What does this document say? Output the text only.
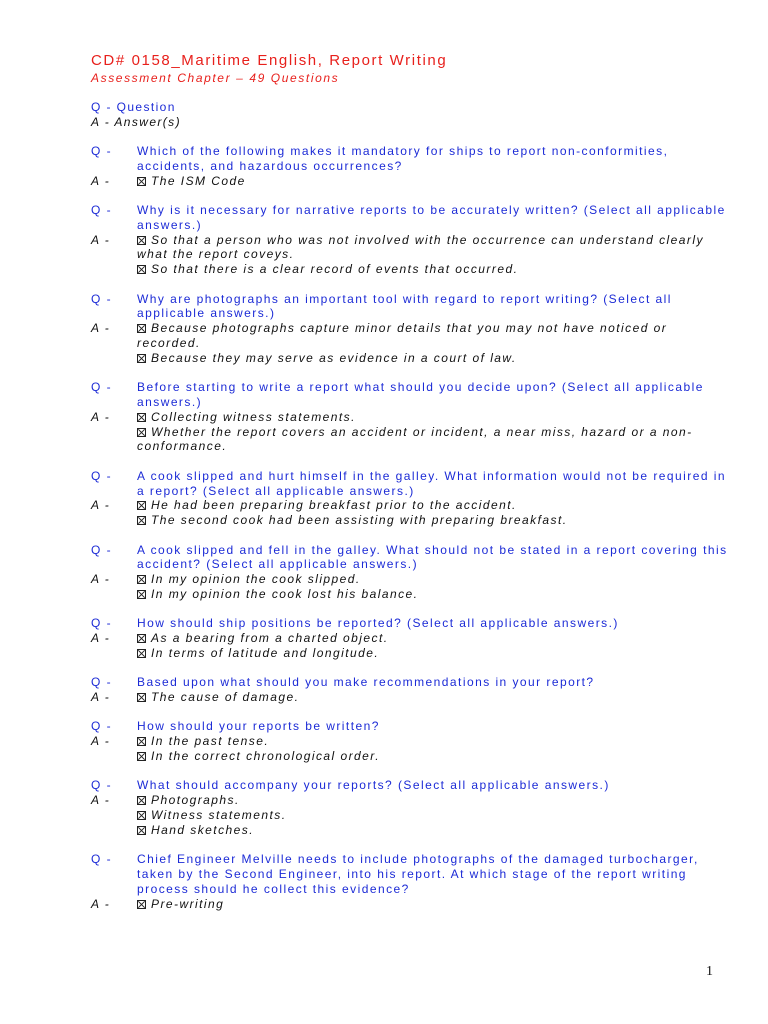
CD# 0158_Maritime English, Report Writing
Assessment Chapter – 49 Questions
Q - Question
A - Answer(s)
Q -	Which of the following makes it mandatory for ships to report non-conformities, accidents, and hazardous occurrences?
A -	The ISM Code
Q -	Why is it necessary for narrative reports to be accurately written? (Select all applicable answers.)
A -	So that a person who was not involved with the occurrence can understand clearly what the report coveys.
So that there is a clear record of events that occurred.
Q -	Why are photographs an important tool with regard to report writing? (Select all applicable answers.)
A -	Because photographs capture minor details that you may not have noticed or recorded.
Because they may serve as evidence in a court of law.
Q -	Before starting to write a report what should you decide upon? (Select all applicable answers.)
A -	Collecting witness statements.
Whether the report covers an accident or incident, a near miss, hazard or a non-conformance.
Q -	A cook slipped and hurt himself in the galley. What information would not be required in a report? (Select all applicable answers.)
A -	He had been preparing breakfast prior to the accident.
The second cook had been assisting with preparing breakfast.
Q -	A cook slipped and fell in the galley. What should not be stated in a report covering this accident? (Select all applicable answers.)
A -	In my opinion the cook slipped.
In my opinion the cook lost his balance.
Q -	How should ship positions be reported? (Select all applicable answers.)
A -	As a bearing from a charted object.
In terms of latitude and longitude.
Q -	Based upon what should you make recommendations in your report?
A -	The cause of damage.
Q -	How should your reports be written?
A -	In the past tense.
In the correct chronological order.
Q -	What should accompany your reports? (Select all applicable answers.)
A -	Photographs.
Witness statements.
Hand sketches.
Q -	Chief Engineer Melville needs to include photographs of the damaged turbocharger, taken by the Second Engineer, into his report. At which stage of the report writing process should he collect this evidence?
A -	Pre-writing
1
